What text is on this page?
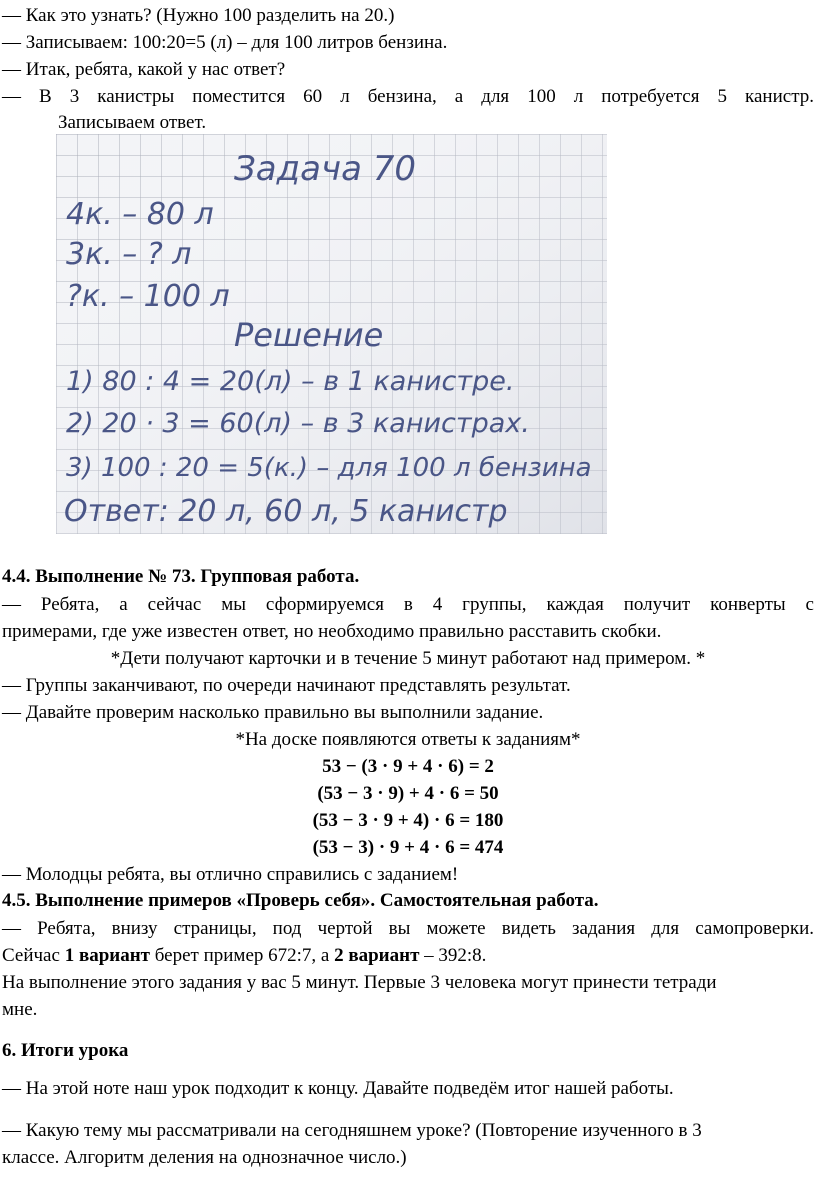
— Как это узнать? (Нужно 100 разделить на 20.)
— Записываем: 100:20=5 (л) – для 100 литров бензина.
— Итак, ребята, какой у нас ответ?
— В 3 канистры поместится 60 л бензина, а для 100 л потребуется 5 канистр.
Записываем ответ.
Задача 70
4к. – 80 л
3к. – ? л
?к. – 100 л
Решение
1) 80 : 4 = 20(л) – в 1 канистре.
2) 20 · 3 = 60(л) – в 3 канистрах.
3) 100 : 20 = 5(к.) – для 100 л бензина
Ответ: 20 л, 60 л, 5 канистр
4.4. Выполнение № 73. Групповая работа.
— Ребята, а сейчас мы сформируемся в 4 группы, каждая получит конверты с
примерами, где уже известен ответ, но необходимо правильно расставить скобки.
*Дети получают карточки и в течение 5 минут работают над примером. *
— Группы заканчивают, по очереди начинают представлять результат.
— Давайте проверим насколько правильно вы выполнили задание.
*На доске появляются ответы к заданиям*
53 − (3 · 9 + 4 · 6) = 2
(53 − 3 · 9) + 4 · 6 = 50
(53 − 3 · 9 + 4) · 6 = 180
(53 − 3) · 9 + 4 · 6 = 474
— Молодцы ребята, вы отлично справились с заданием!
4.5. Выполнение примеров «Проверь себя». Самостоятельная работа.
— Ребята, внизу страницы, под чертой вы можете видеть задания для самопроверки.
Сейчас 1 вариант берет пример 672:7, а 2 вариант – 392:8.
На выполнение этого задания у вас 5 минут. Первые 3 человека могут принести тетради
мне.
6. Итоги урока
— На этой ноте наш урок подходит к концу. Давайте подведём итог нашей работы.
— Какую тему мы рассматривали на сегодняшнем уроке? (Повторение изученного в 3
классе. Алгоритм деления на однозначное число.)
